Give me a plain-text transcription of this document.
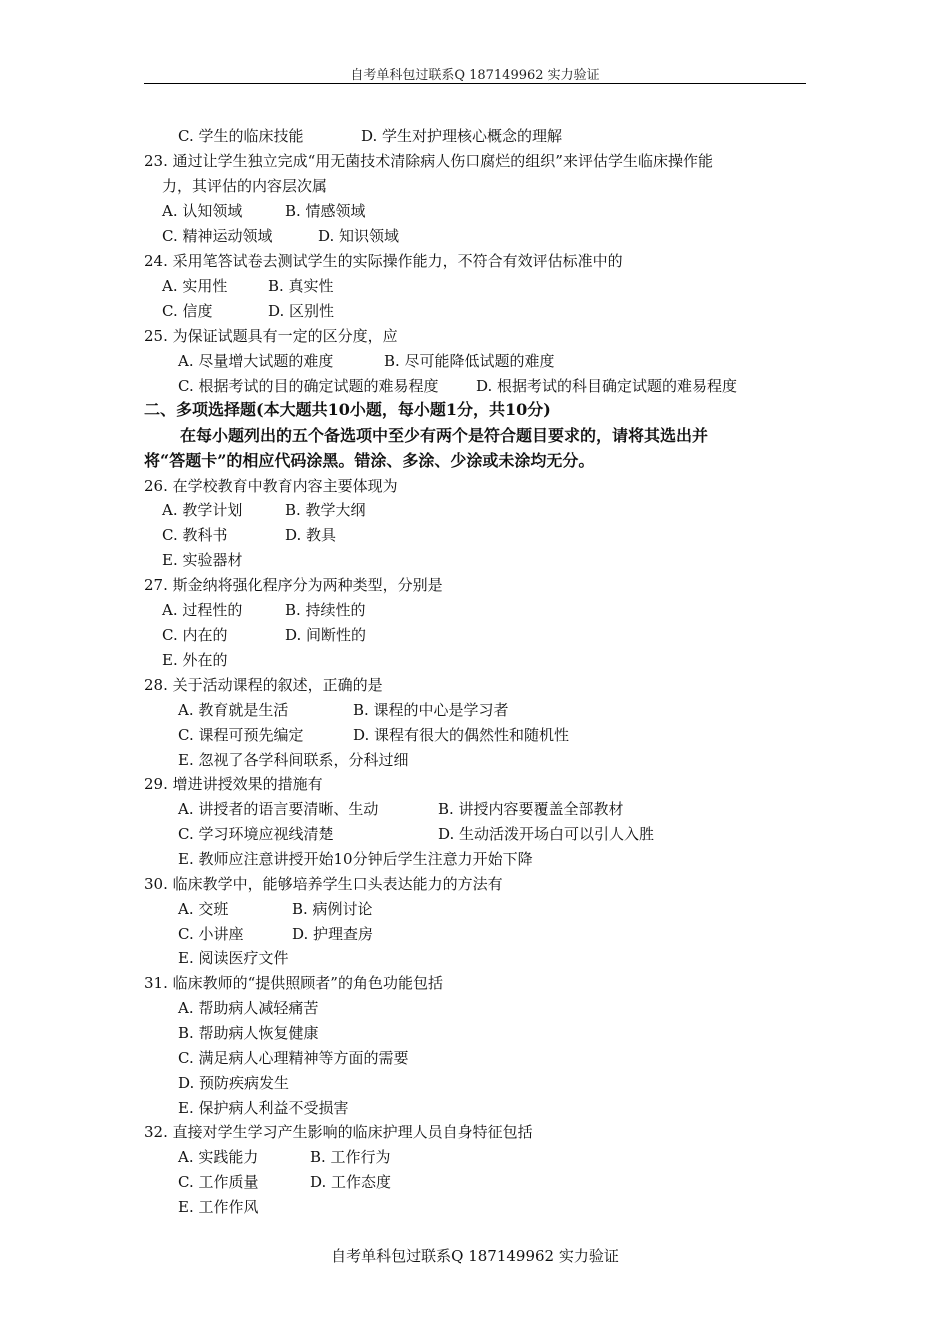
自考单科包过联系Q 187149962 实力验证
C. 学生的临床技能	D. 学生对护理核心概念的理解
23. 通过让学生独立完成“用无菌技术清除病人伤口腐烂的组织”来评估学生临床操作能
力，其评估的内容层次属
A. 认知领域	B. 情感领域
C. 精神运动领域	D. 知识领域
24. 采用笔答试卷去测试学生的实际操作能力，不符合有效评估标准中的
A. 实用性	B. 真实性
C. 信度	D. 区别性
25. 为保证试题具有一定的区分度，应
A. 尽量增大试题的难度	B. 尽可能降低试题的难度
C. 根据考试的目的确定试题的难易程度	D. 根据考试的科目确定试题的难易程度
二、多项选择题(本大题共10小题，每小题1分，共10分)
在每小题列出的五个备选项中至少有两个是符合题目要求的，请将其选出并
将“答题卡”的相应代码涂黑。错涂、多涂、少涂或未涂均无分。
26. 在学校教育中教育内容主要体现为
A. 教学计划	B. 教学大纲
C. 教科书	D. 教具
E. 实验器材
27. 斯金纳将强化程序分为两种类型，分别是
A. 过程性的	B. 持续性的
C. 内在的	D. 间断性的
E. 外在的
28. 关于活动课程的叙述，正确的是
A. 教育就是生活	B. 课程的中心是学习者
C. 课程可预先编定	D. 课程有很大的偶然性和随机性
E. 忽视了各学科间联系，分科过细
29. 增进讲授效果的措施有
A. 讲授者的语言要清晰、生动	B. 讲授内容要覆盖全部教材
C. 学习环境应视线清楚	D. 生动活泼开场白可以引人入胜
E. 教师应注意讲授开始10分钟后学生注意力开始下降
30. 临床教学中，能够培养学生口头表达能力的方法有
A. 交班	B. 病例讨论
C. 小讲座	D. 护理查房
E. 阅读医疗文件
31. 临床教师的“提供照顾者”的角色功能包括
A. 帮助病人减轻痛苦
B. 帮助病人恢复健康
C. 满足病人心理精神等方面的需要
D. 预防疾病发生
E. 保护病人利益不受损害
32. 直接对学生学习产生影响的临床护理人员自身特征包括
A. 实践能力	B. 工作行为
C. 工作质量	D. 工作态度
E. 工作作风
自考单科包过联系Q 187149962 实力验证
